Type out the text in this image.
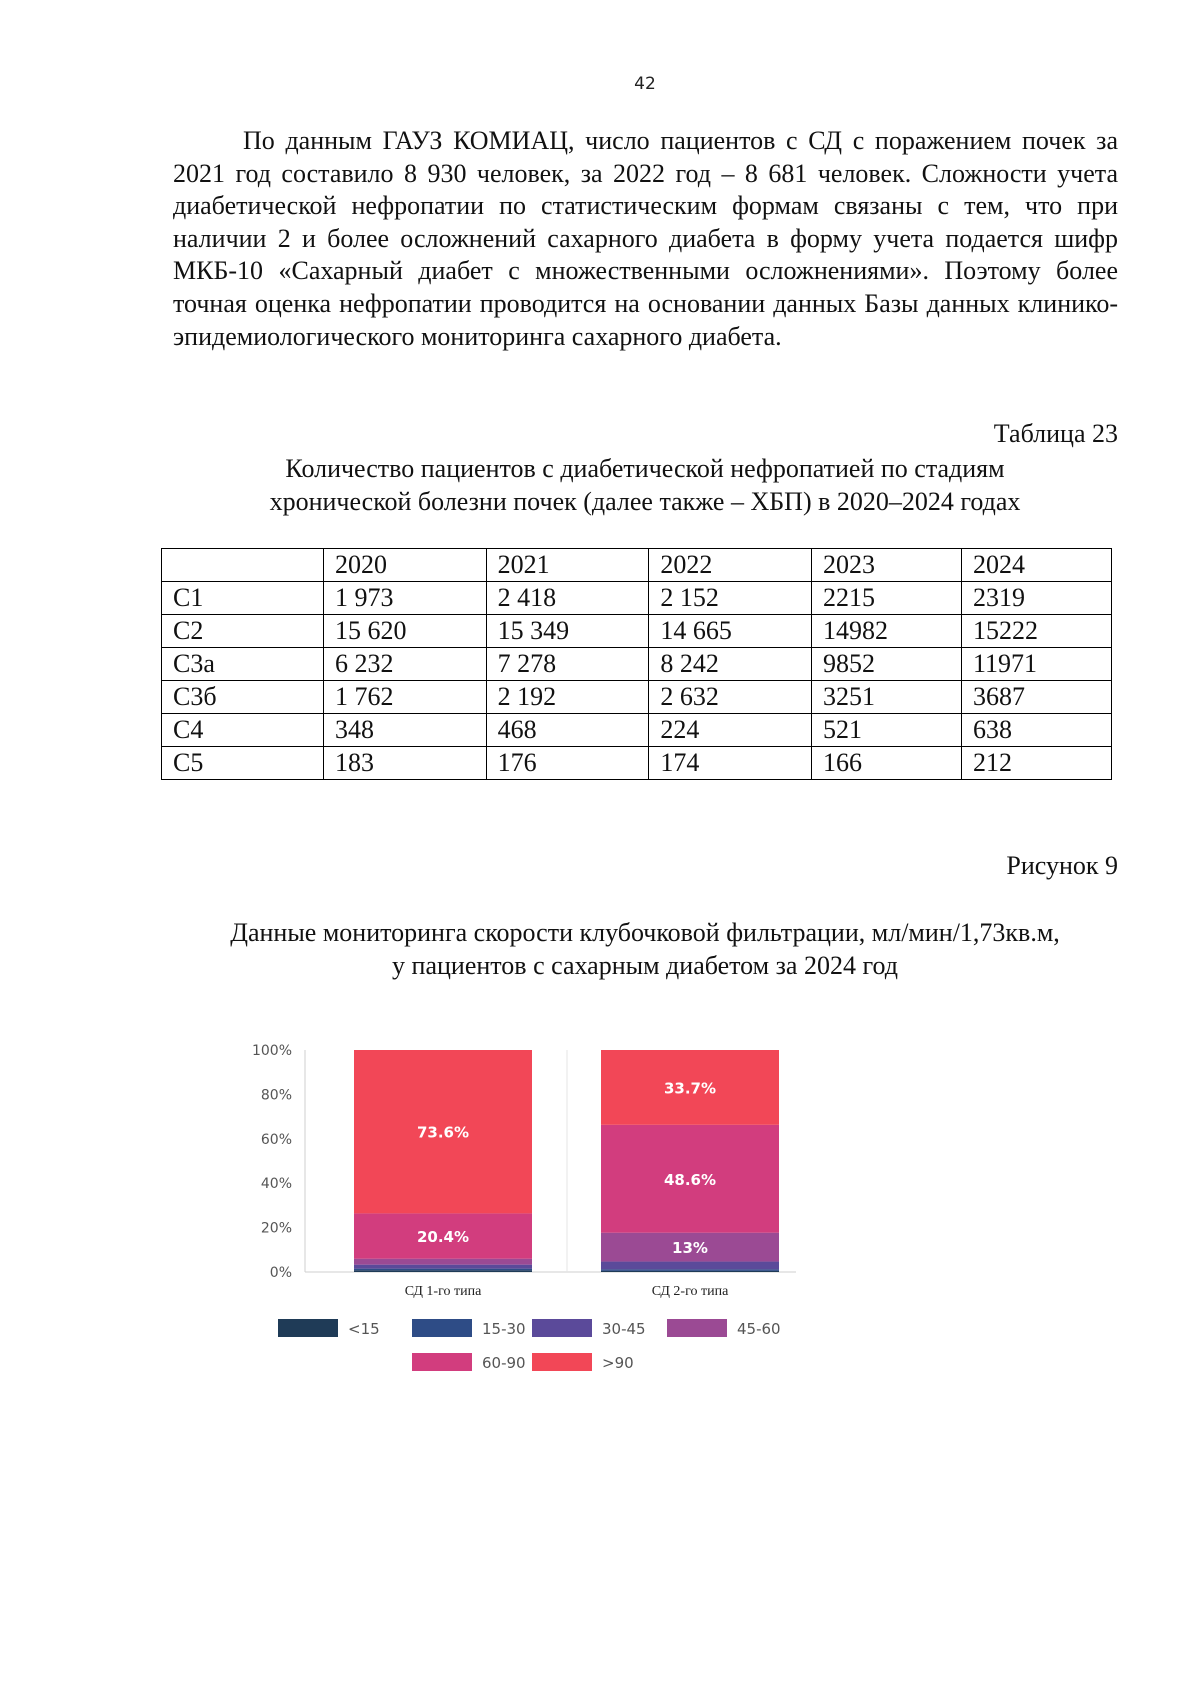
42

По данным ГАУЗ КОМИАЦ, число пациентов с СД с поражением почек за 2021 год составило 8 930 человек, за 2022 год – 8 681 человек. Сложности учета диабетической нефропатии по статистическим формам связаны с тем, что при наличии 2 и более осложнений сахарного диабета в форму учета подается шифр МКБ-10 «Сахарный диабет с множественными осложнениями». Поэтому более точная оценка нефропатии проводится на основании данных Базы данных клинико-эпидемиологического мониторинга сахарного диабета.

Таблица 23
Количество пациентов с диабетической нефропатией по стадиям
хронической болезни почек (далее также – ХБП) в 2020–2024 годах
	2020	2021	2022	2023	2024
С1	1 973	2 418	2 152	2215	2319
С2	15 620	15 349	14 665	14982	15222
С3а	6 232	7 278	8 242	9852	11971
С3б	1 762	2 192	2 632	3251	3687
С4	348	468	224	521	638
С5	183	176	174	166	212
Рисунок 9
Данные мониторинга скорости клубочковой фильтрации, мл/мин/1,73кв.м,
у пациентов с сахарным диабетом за 2024 год
0%
20%
40%
60%
80%
100%
20.4%
73.6%
СД 1-го типа
13%
48.6%
33.7%
СД 2-го типа
<15	15-30	30-45	45-60
60-90	>90
